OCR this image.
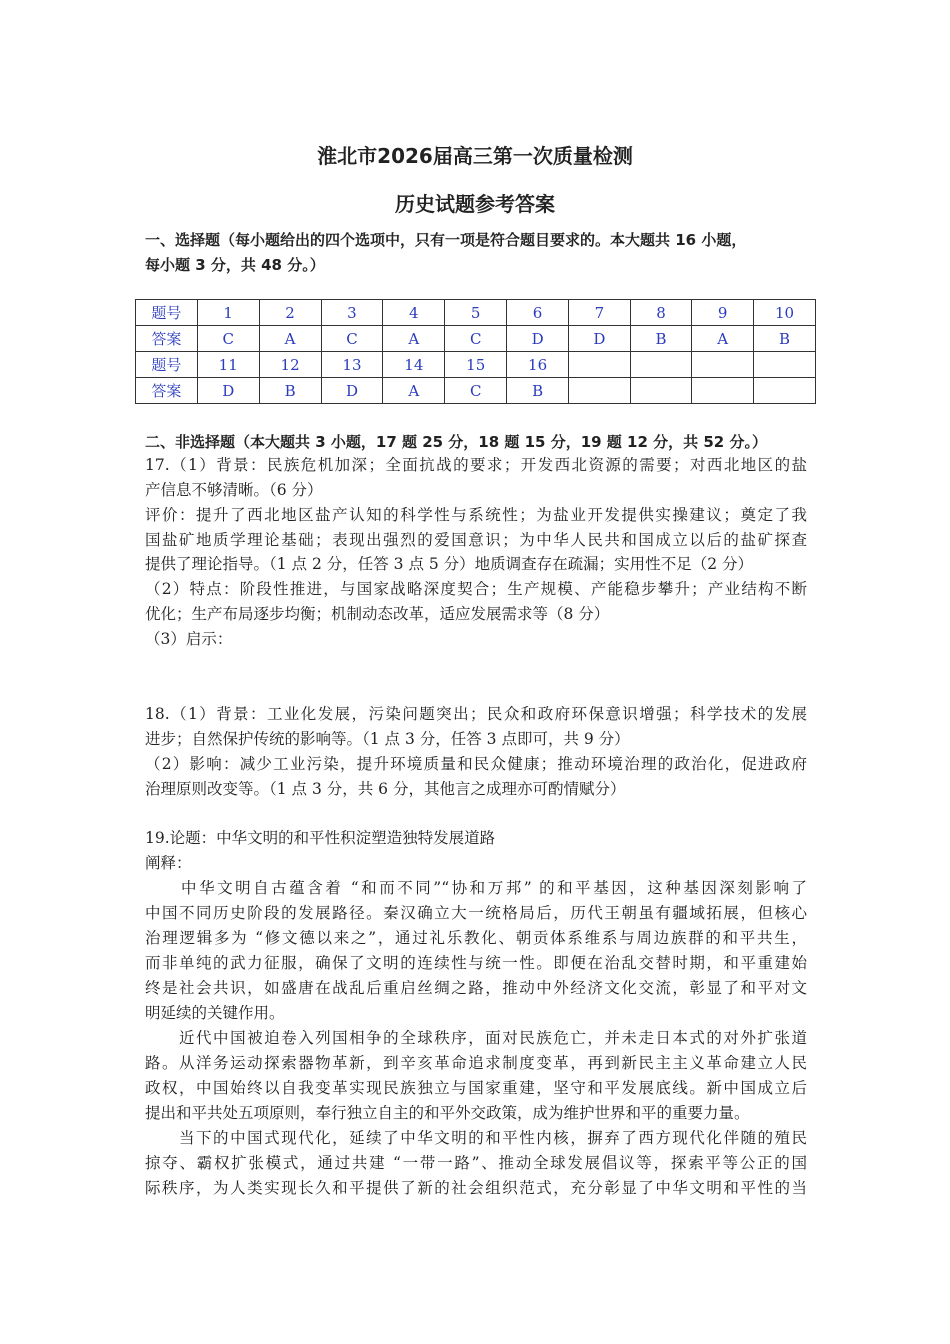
淮北市2026届高三第一次质量检测
历史试题参考答案
一、选择题（每小题给出的四个选项中，只有一项是符合题目要求的。本大题共 16 小题，
每小题 3 分，共 48 分。）
题号	1	2	3	4	5	6	7	8	9	10
答案	C	A	C	A	C	D	D	B	A	B
题号	11	12	13	14	15	16				
答案	D	B	D	A	C	B				
二、非选择题（本大题共 3 小题，17 题 25 分，18 题 15 分，19 题 12 分，共 52 分。）
17.（1）背景：民族危机加深；全面抗战的要求；开发西北资源的需要；对西北地区的盐
产信息不够清晰。（6 分）
评价：提升了西北地区盐产认知的科学性与系统性；为盐业开发提供实操建议；奠定了我
国盐矿地质学理论基础；表现出强烈的爱国意识；为中华人民共和国成立以后的盐矿探查
提供了理论指导。（1 点 2 分，任答 3 点 5 分）地质调查存在疏漏；实用性不足（2 分）
（2）特点：阶段性推进，与国家战略深度契合；生产规模、产能稳步攀升；产业结构不断
优化；生产布局逐步均衡；机制动态改革，适应发展需求等（8 分）
（3）启示：
18.（1）背景：工业化发展，污染问题突出；民众和政府环保意识增强；科学技术的发展
进步；自然保护传统的影响等。（1 点 3 分，任答 3 点即可，共 9 分）
（2）影响：减少工业污染，提升环境质量和民众健康；推动环境治理的政治化，促进政府
治理原则改变等。（1 点 3 分，共 6 分，其他言之成理亦可酌情赋分）
19.论题：中华文明的和平性积淀塑造独特发展道路
阐释：
　　中华文明自古蕴含着 “和而不同”“协和万邦” 的和平基因，这种基因深刻影响了
中国不同历史阶段的发展路径。秦汉确立大一统格局后，历代王朝虽有疆域拓展，但核心
治理逻辑多为 “修文德以来之”，通过礼乐教化、朝贡体系维系与周边族群的和平共生，
而非单纯的武力征服，确保了文明的连续性与统一性。即便在治乱交替时期，和平重建始
终是社会共识，如盛唐在战乱后重启丝绸之路，推动中外经济文化交流，彰显了和平对文
明延续的关键作用。
　　近代中国被迫卷入列国相争的全球秩序，面对民族危亡，并未走日本式的对外扩张道
路。从洋务运动探索器物革新，到辛亥革命追求制度变革，再到新民主主义革命建立人民
政权，中国始终以自我变革实现民族独立与国家重建，坚守和平发展底线。新中国成立后
提出和平共处五项原则，奉行独立自主的和平外交政策，成为维护世界和平的重要力量。
　　当下的中国式现代化，延续了中华文明的和平性内核，摒弃了西方现代化伴随的殖民
掠夺、霸权扩张模式，通过共建 “一带一路”、推动全球发展倡议等，探索平等公正的国
际秩序，为人类实现长久和平提供了新的社会组织范式，充分彰显了中华文明和平性的当
